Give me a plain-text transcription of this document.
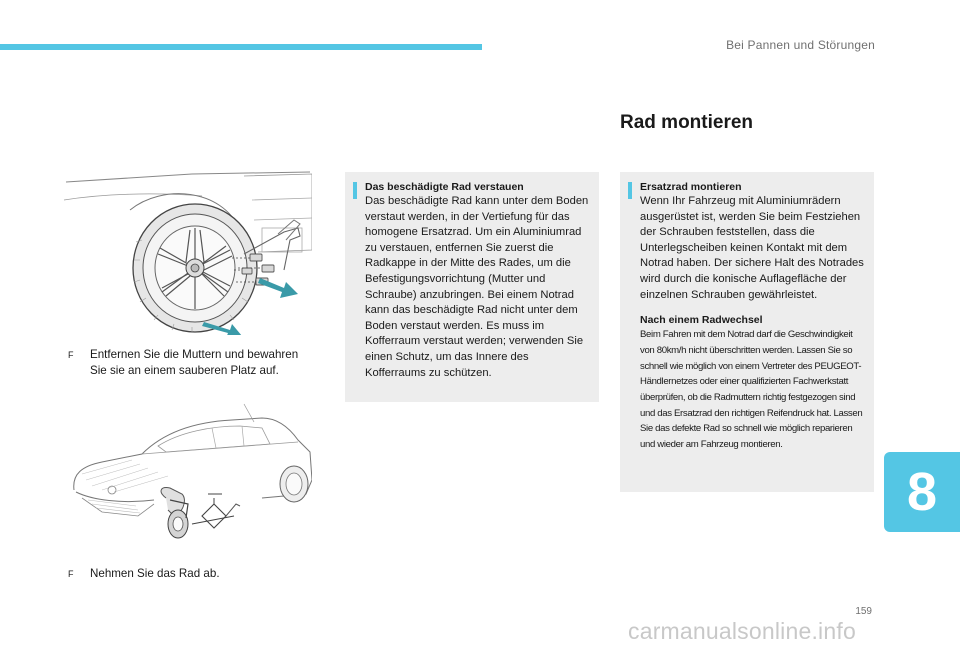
Bei Pannen und Störungen
Rad montieren
F	Entfernen Sie die Muttern und bewahren Sie sie an einem sauberen Platz auf.
F	Nehmen Sie das Rad ab.
Das beschädigte Rad verstauen
Das beschädigte Rad kann unter dem Boden verstaut werden, in der Vertiefung für das homogene Ersatzrad. Um ein Aluminiumrad zu verstauen, entfernen Sie zuerst die Radkappe in der Mitte des Rades, um die Befestigungsvorrichtung (Mutter und Schraube) anzubringen. Bei einem Notrad kann das beschädigte Rad nicht unter dem Boden verstaut werden. Es muss im Kofferraum verstaut werden; verwenden Sie einen Schutz, um das Innere des Kofferraums zu schützen.
Ersatzrad montieren
Wenn Ihr Fahrzeug mit Aluminiumrädern ausgerüstet ist, werden Sie beim Festziehen der Schrauben feststellen, dass die Unterlegscheiben keinen Kontakt mit dem Notrad haben. Der sichere Halt des Notrades wird durch die konische Auflagefläche der einzelnen Schrauben gewährleistet.
Nach einem Radwechsel
Beim Fahren mit dem Notrad darf die Geschwindigkeit von 80km/h nicht überschritten werden. Lassen Sie so schnell wie möglich von einem Vertreter des PEUGEOT-Händlernetzes oder einer qualifizierten Fachwerkstatt überprüfen, ob die Radmuttern richtig festgezogen sind und das Ersatzrad den richtigen Reifendruck hat. Lassen Sie das defekte Rad so schnell wie möglich reparieren und wieder am Fahrzeug montieren.
8
159
carmanualsonline.info
